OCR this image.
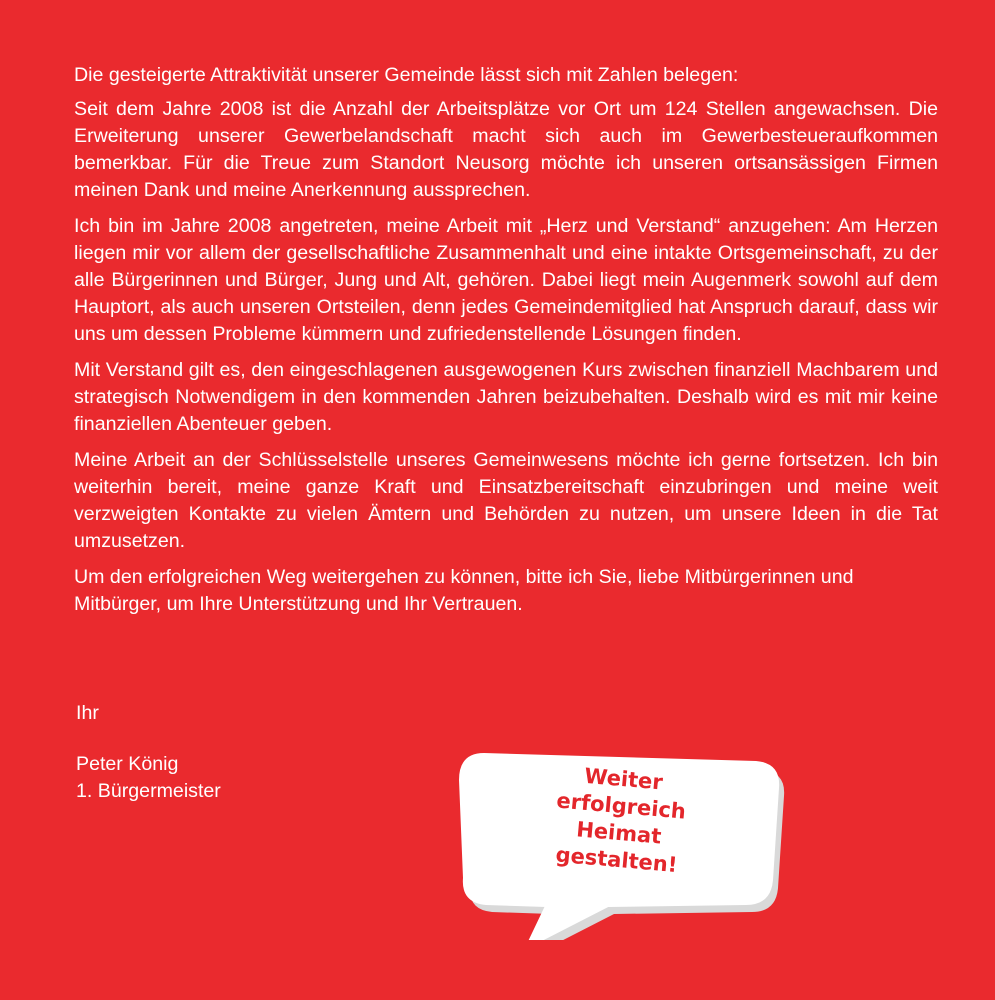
Die gesteigerte Attraktivität unserer Gemeinde lässt sich mit Zahlen belegen:

Seit dem Jahre 2008 ist die Anzahl der Arbeitsplätze vor Ort um 124 Stellen angewachsen. Die Erweiterung unserer Gewerbelandschaft macht sich auch im Gewerbesteueraufkommen bemerkbar. Für die Treue zum Standort Neusorg möchte ich unseren ortsansässigen Firmen meinen Dank und meine Anerkennung aussprechen.

Ich bin im Jahre 2008 angetreten, meine Arbeit mit „Herz und Verstand“ anzugehen: Am Herzen liegen mir vor allem der gesellschaftliche Zusammenhalt und eine intakte Ortsgemeinschaft, zu der alle Bürgerinnen und Bürger, Jung und Alt, gehören. Dabei liegt mein Augenmerk sowohl auf dem Hauptort, als auch unseren Ortsteilen, denn jedes Gemeindemitglied hat Anspruch darauf, dass wir uns um dessen Probleme kümmern und zufriedenstellende Lösungen finden.

Mit Verstand gilt es, den eingeschlagenen ausgewogenen Kurs zwischen finanziell Machbarem und strategisch Notwendigem in den kommenden Jahren beizubehalten. Deshalb wird es mit mir keine finanziellen Abenteuer geben.

Meine Arbeit an der Schlüsselstelle unseres Gemeinwesens möchte ich gerne fortsetzen. Ich bin weiterhin bereit, meine ganze Kraft und Einsatzbereitschaft einzubringen und meine weit verzweigten Kontakte zu vielen Ämtern und Behörden zu nutzen, um unsere Ideen in die Tat umzusetzen.

Um den erfolgreichen Weg weitergehen zu können, bitte ich Sie, liebe Mitbürgerinnen und Mitbürger, um Ihre Unterstützung und Ihr Vertrauen.

Ihr
Peter König
1. Bürgermeister	Weiter
erfolgreich
Heimat
gestalten!
